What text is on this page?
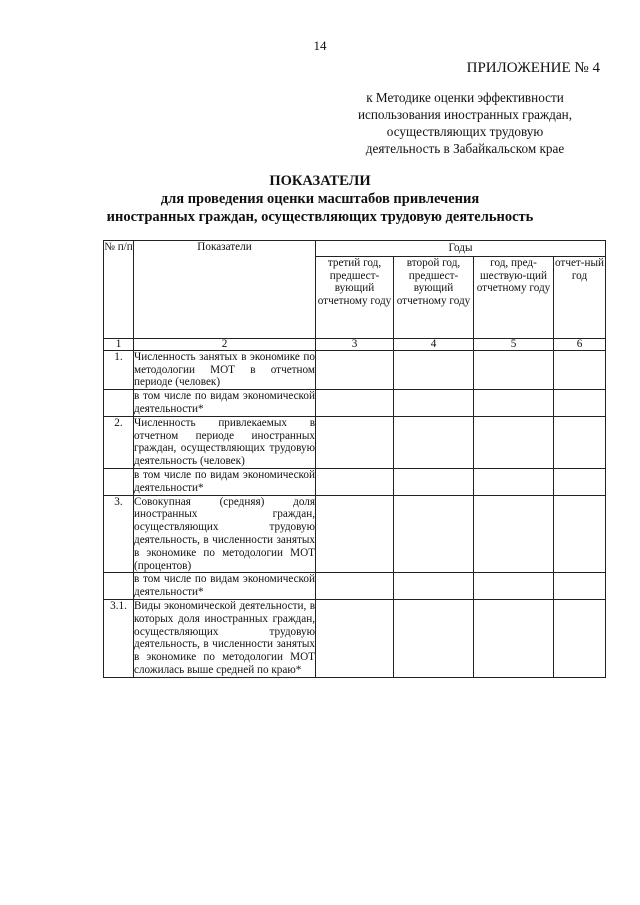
14
ПРИЛОЖЕНИЕ № 4
к Методике оценки эффективности
использования иностранных граждан,
осуществляющих трудовую
деятельность в Забайкальском крае
ПОКАЗАТЕЛИ
для проведения оценки масштабов привлечения
иностранных граждан, осуществляющих трудовую деятельность
№ п/п	Показатели	Годы			
		третий год, предшест-вующий отчетному году	второй год, предшест-вующий отчетному году	год, пред-шествую-щий отчетному году	отчет-ный год
1	2	3	4	5	6
1.	Численность занятых в экономике по методологии МОТ в отчетном периоде (человек)				
	в том числе по видам экономической деятельности*				
2.	Численность привлекаемых в отчетном периоде иностранных граждан, осуществляющих трудовую деятельность (человек)				
	в том числе по видам экономической деятельности*				
3.	Совокупная (средняя) доля иностранных граждан, осуществляющих трудовую деятельность, в численности занятых в экономике по методологии МОТ (процентов)				
	в том числе по видам экономической деятельности*				
3.1.	Виды экономической деятельности, в которых доля иностранных граждан, осуществляющих трудовую деятельность, в численности занятых в экономике по методологии МОТ сложилась выше средней по краю*				
